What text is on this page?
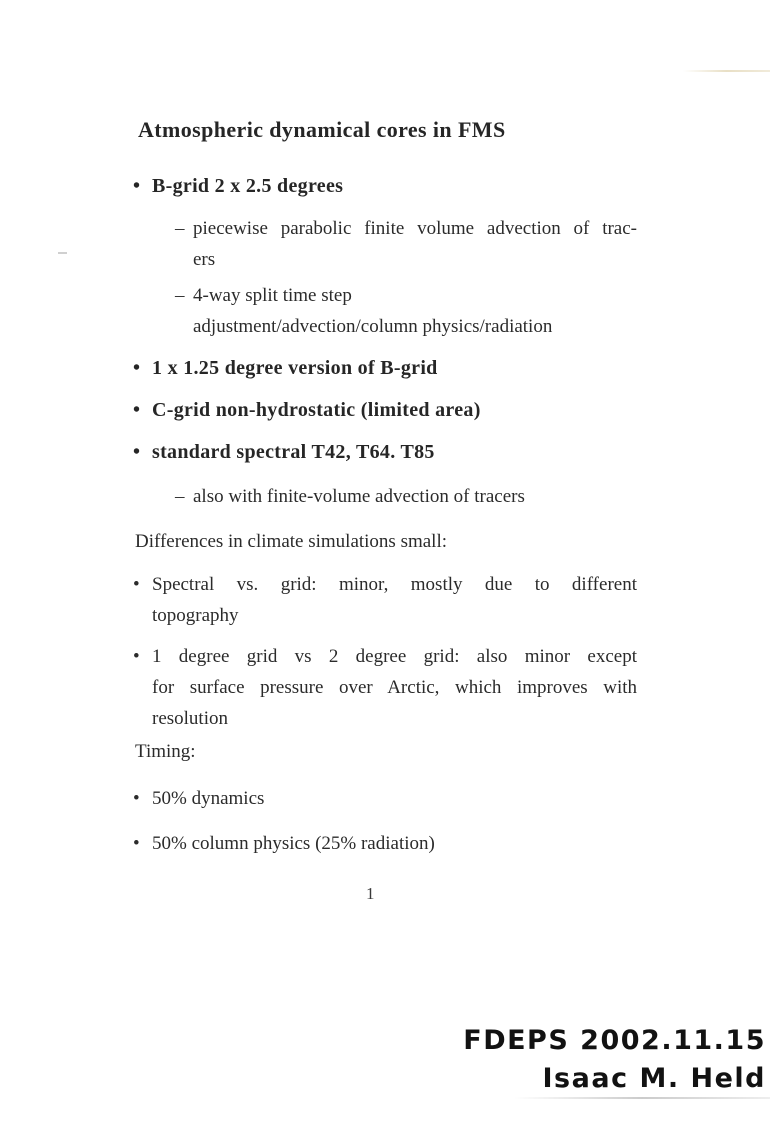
Atmospheric dynamical cores in FMS
• B-grid 2 x 2.5 degrees
– piecewise parabolic finite volume advection of trac-
ers
– 4-way split time step
adjustment/advection/column physics/radiation
• 1 x 1.25 degree version of B-grid
• C-grid non-hydrostatic (limited area)
• standard spectral T42, T64. T85
– also with finite-volume advection of tracers
Differences in climate simulations small:
• Spectral vs. grid: minor, mostly due to different
topography
• 1 degree grid vs 2 degree grid: also minor except
for surface pressure over Arctic, which improves with
resolution
Timing:
• 50% dynamics
• 50% column physics (25% radiation)
1
FDEPS 2002.11.15
Isaac M. Held
